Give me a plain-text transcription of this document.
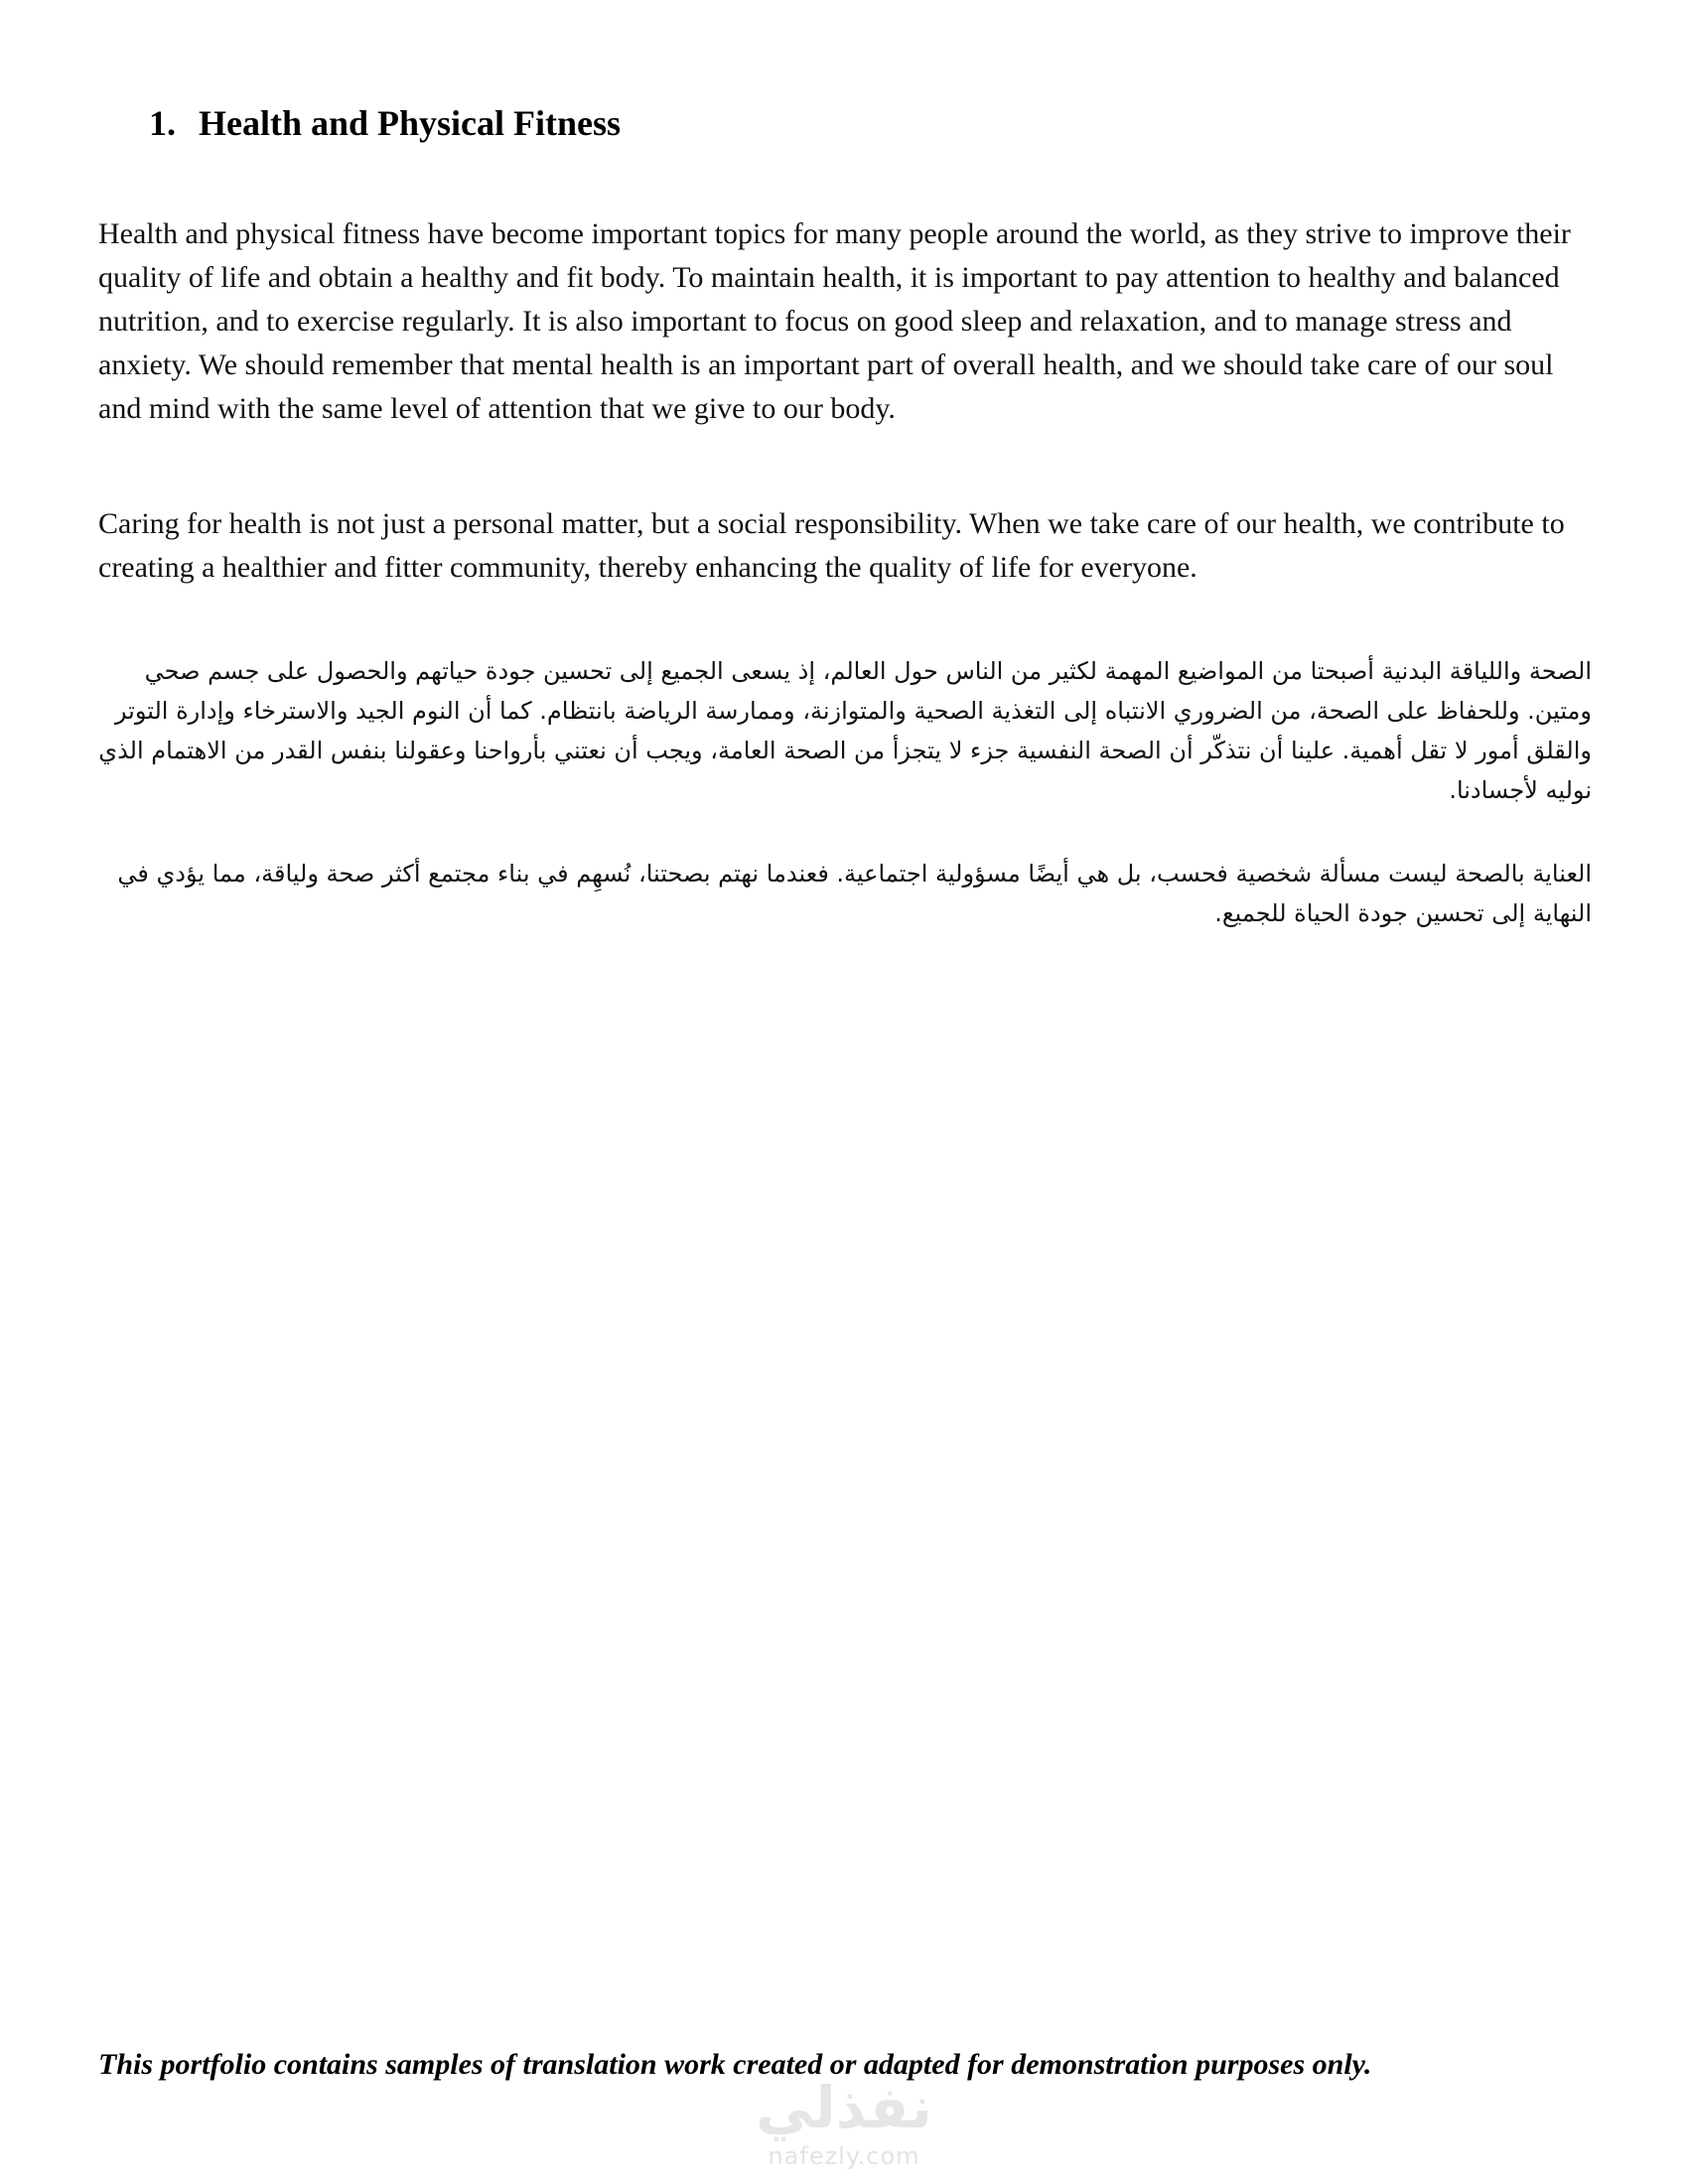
1. Health and Physical Fitness

Health and physical fitness have become important topics for many people around the world, as they strive to improve their quality of life and obtain a healthy and fit body. To maintain health, it is important to pay attention to healthy and balanced nutrition, and to exercise regularly. It is also important to focus on good sleep and relaxation, and to manage stress and anxiety. We should remember that mental health is an important part of overall health, and we should take care of our soul and mind with the same level of attention that we give to our body.

Caring for health is not just a personal matter, but a social responsibility. When we take care of our health, we contribute to creating a healthier and fitter community, thereby enhancing the quality of life for everyone.

الصحة واللياقة البدنية أصبحتا من المواضيع المهمة لكثير من الناس حول العالم، إذ يسعى الجميع إلى تحسين جودة حياتهم والحصول على جسم صحي ومتين. وللحفاظ على الصحة، من الضروري الانتباه إلى التغذية الصحية والمتوازنة، وممارسة الرياضة بانتظام. كما أن النوم الجيد والاسترخاء وإدارة التوتر والقلق أمور لا تقل أهمية. علينا أن نتذكّر أن الصحة النفسية جزء لا يتجزأ من الصحة العامة، ويجب أن نعتني بأرواحنا وعقولنا بنفس القدر من الاهتمام الذي نوليه لأجسادنا.

العناية بالصحة ليست مسألة شخصية فحسب، بل هي أيضًا مسؤولية اجتماعية. فعندما نهتم بصحتنا، نُسهِم في بناء مجتمع أكثر صحة ولياقة، مما يؤدي في النهاية إلى تحسين جودة الحياة للجميع.

This portfolio contains samples of translation work created or adapted for demonstration purposes only.

نفذلي
nafezly.com
